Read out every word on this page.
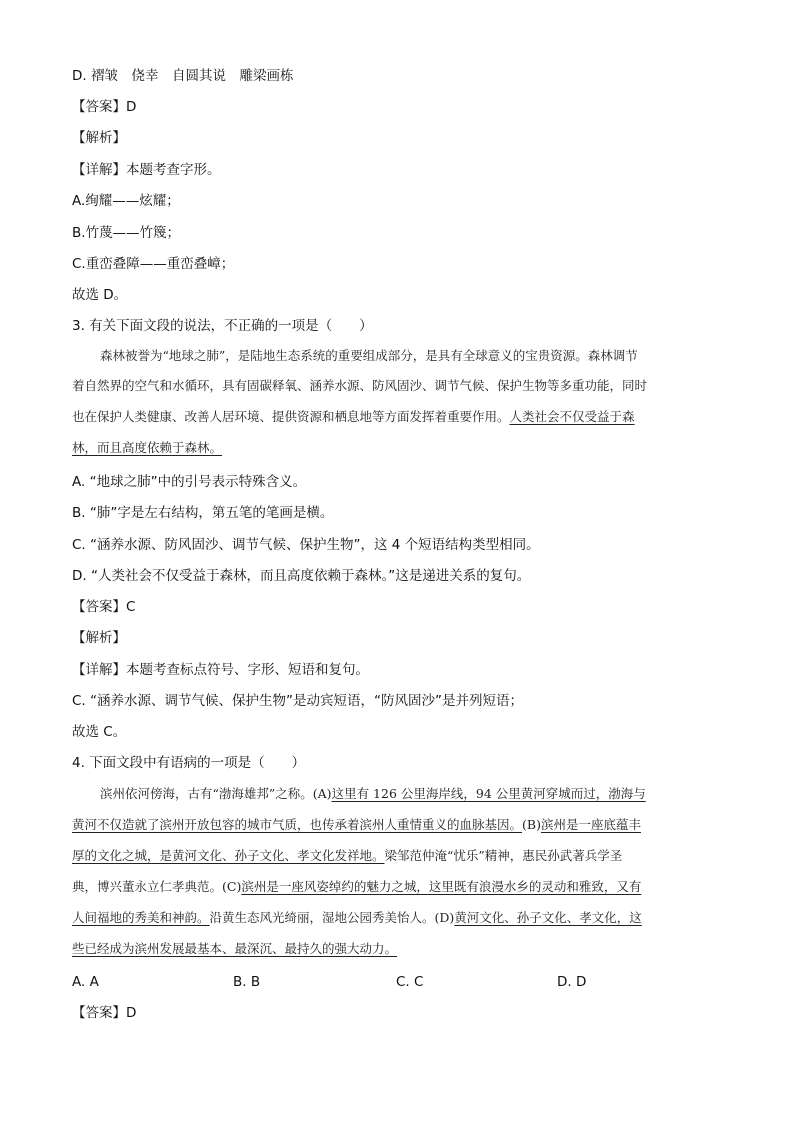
D. 褶皱　侥幸　自圆其说　雕梁画栋
【答案】D
【解析】
【详解】本题考查字形。
A.绚耀——炫耀；
B.竹蔑——竹篾；
C.重峦叠障——重峦叠嶂；
故选 D。
3. 有关下面文段的说法，不正确的一项是（　　）
森林被誉为“地球之肺”，是陆地生态系统的重要组成部分，是具有全球意义的宝贵资源。森林调节
着自然界的空气和水循环，具有固碳释氧、涵养水源、防风固沙、调节气候、保护生物等多重功能，同时
也在保护人类健康、改善人居环境、提供资源和栖息地等方面发挥着重要作用。人类社会不仅受益于森
林，而且高度依赖于森林。
A. “地球之肺”中的引号表示特殊含义。
B. “肺”字是左右结构，第五笔的笔画是横。
C. “涵养水源、防风固沙、调节气候、保护生物”，这 4 个短语结构类型相同。
D. “人类社会不仅受益于森林，而且高度依赖于森林。”这是递进关系的复句。
【答案】C
【解析】
【详解】本题考查标点符号、字形、短语和复句。
C. “涵养水源、调节气候、保护生物”是动宾短语，“防风固沙”是并列短语；
故选 C。
4. 下面文段中有语病的一项是（　　）
滨州依河傍海，古有“渤海雄邦”之称。(A)这里有 126 公里海岸线，94 公里黄河穿城而过，渤海与
黄河不仅造就了滨州开放包容的城市气质，也传承着滨州人重情重义的血脉基因。(B)滨州是一座底蕴丰
厚的文化之城，是黄河文化、孙子文化、孝文化发祥地。梁邹范仲淹“忧乐”精神，惠民孙武著兵学圣
典，博兴董永立仁孝典范。(C)滨州是一座风姿绰约的魅力之城，这里既有浪漫水乡的灵动和雅致，又有
人间福地的秀美和神韵。沿黄生态风光绮丽，湿地公园秀美怡人。(D)黄河文化、孙子文化、孝文化，这
些已经成为滨州发展最基本、最深沉、最持久的强大动力。
A. A	B. B	C. C	D. D
【答案】D
